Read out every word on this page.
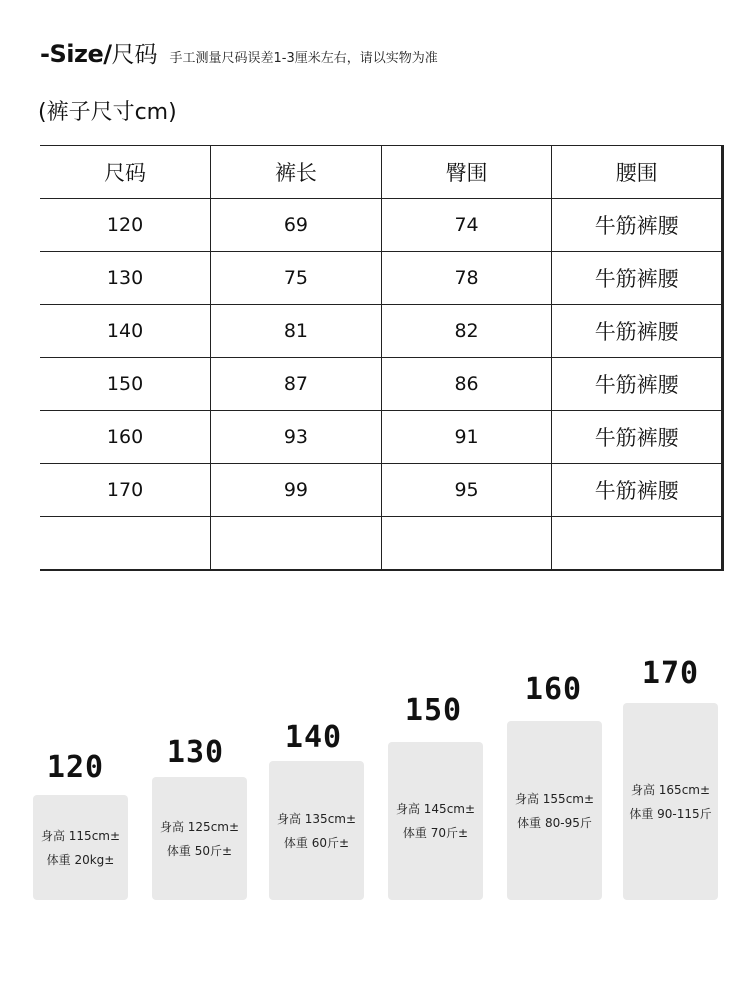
-Size/ 尺码 手工测量尺码误差1-3厘米左右，请以实物为准
(裤子尺寸cm)
尺码	裤长	臀围	腰围
120	69	74	牛筋裤腰
130	75	78	牛筋裤腰
140	81	82	牛筋裤腰
150	87	86	牛筋裤腰
160	93	91	牛筋裤腰
170	99	95	牛筋裤腰

120
身高 115cm±
体重 20kg±
130
身高 125cm±
体重 50斤±
140
身高 135cm±
体重 60斤±
150
身高 145cm±
体重 70斤±
160
身高 155cm±
体重 80-95斤
170
身高 165cm±
体重 90-115斤
